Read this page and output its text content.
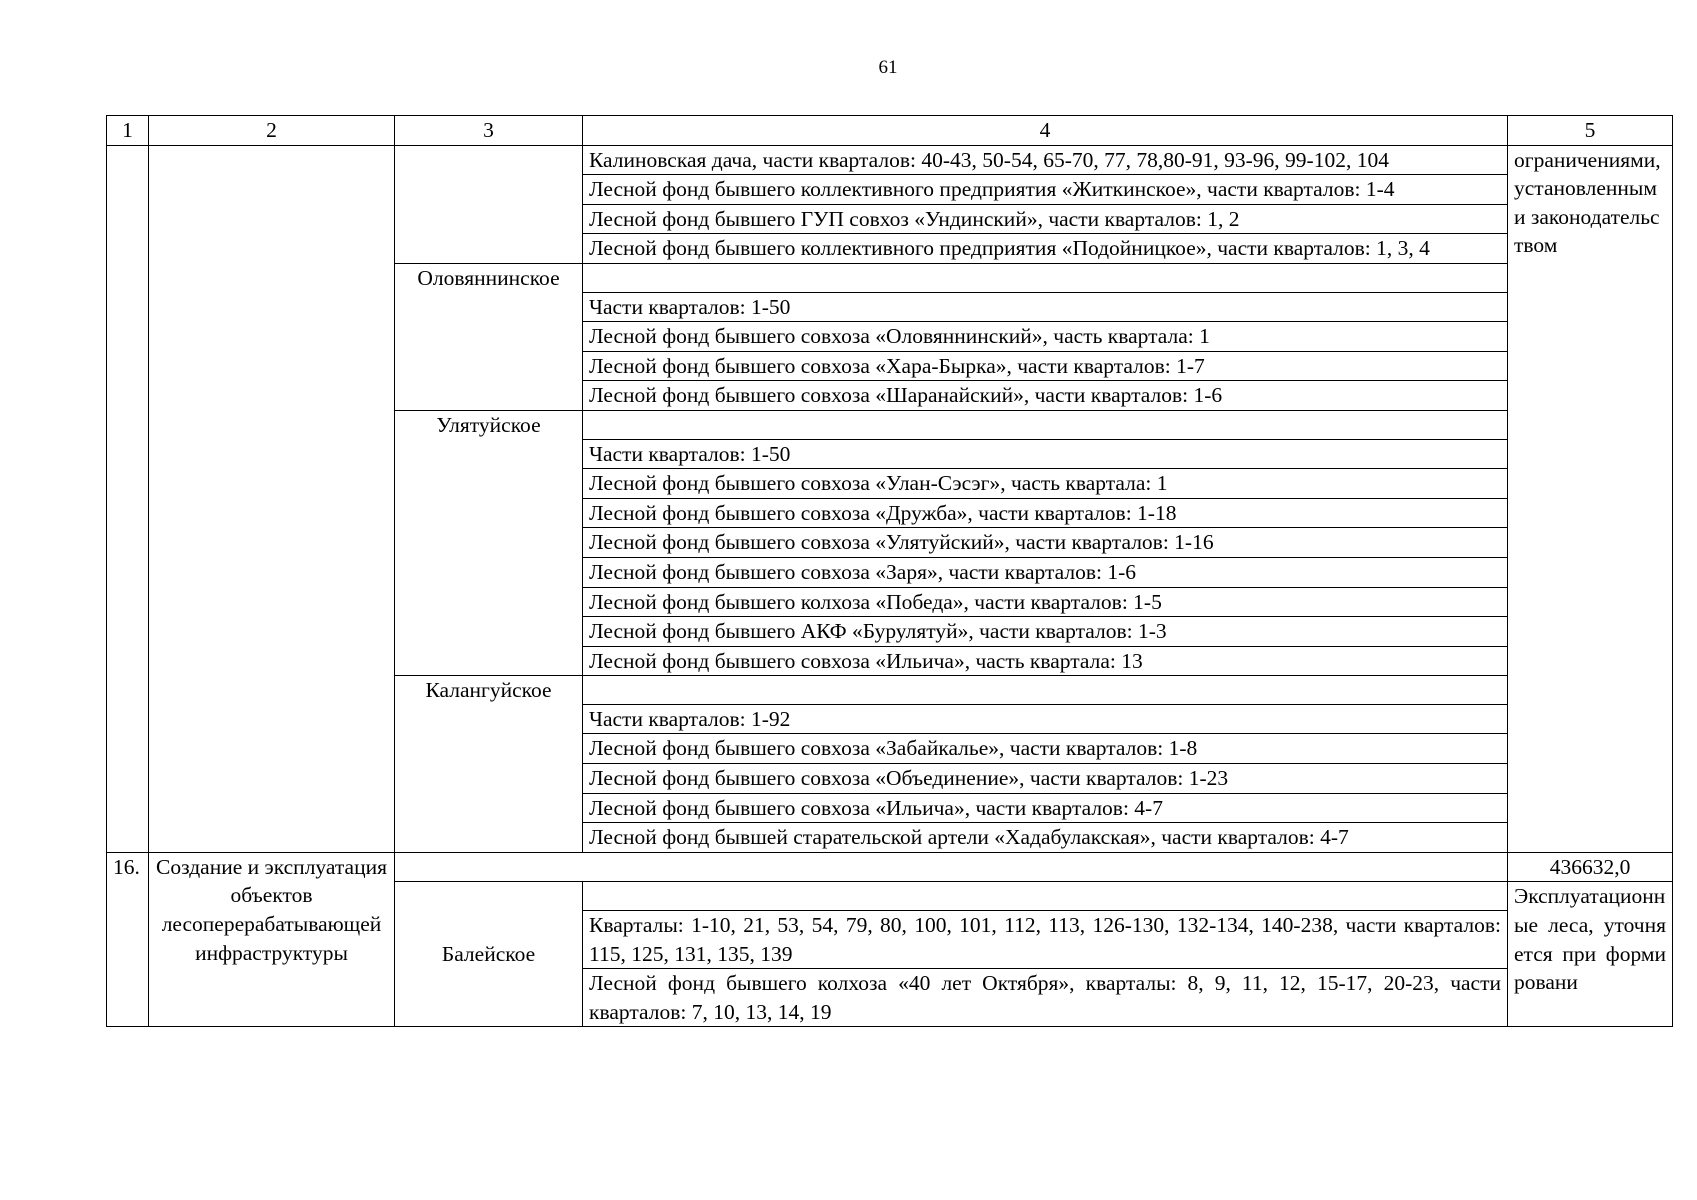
61
1	2	3	4	5
			Калиновская дача, части кварталов: 40-43, 50-54, 65-70, 77, 78,80-91, 93-96, 99-102, 104	ограничениями, установленными законодательством
			Лесной фонд бывшего коллективного предприятия «Житкинское», части кварталов: 1-4	
			Лесной фонд бывшего ГУП совхоз «Ундинский», части кварталов: 1, 2	
			Лесной фонд бывшего коллективного предприятия «Подойницкое», части кварталов: 1, 3, 4	
		Оловяннинское		
			Части кварталов: 1-50	
			Лесной фонд бывшего совхоза «Оловяннинский», часть квартала: 1	
			Лесной фонд бывшего совхоза «Хара-Бырка», части кварталов: 1-7	
			Лесной фонд бывшего совхоза «Шаранайский», части кварталов: 1-6	
		Улятуйское		
			Части кварталов: 1-50	
			Лесной фонд бывшего совхоза «Улан-Сэсэг», часть квартала: 1	
			Лесной фонд бывшего совхоза «Дружба», части кварталов: 1-18	
			Лесной фонд бывшего совхоза «Улятуйский», части кварталов: 1-16	
			Лесной фонд бывшего совхоза «Заря», части кварталов: 1-6	
			Лесной фонд бывшего колхоза «Победа», части кварталов: 1-5	
			Лесной фонд бывшего АКФ «Бурулятуй», части кварталов: 1-3	
			Лесной фонд бывшего совхоза «Ильича», часть квартала: 13	
		Калангуйское		
			Части кварталов: 1-92	
			Лесной фонд бывшего совхоза «Забайкалье», части кварталов: 1-8	
			Лесной фонд бывшего совхоза «Объединение», части кварталов: 1-23	
			Лесной фонд бывшего совхоза «Ильича», части кварталов: 4-7	
			Лесной фонд бывшей старательской артели «Хадабулакская», части кварталов: 4-7	
16.	Создание и эксплуатация объектов лесоперерабатывающей инфраструктуры			436632,0
		Балейское		Эксплуатационные леса, уточняется при формировани
			Кварталы: 1-10, 21, 53, 54, 79, 80, 100, 101, 112, 113, 126-130, 132-134, 140-238, части кварталов: 115, 125, 131, 135, 139	
			Лесной фонд бывшего колхоза «40 лет Октября», кварталы: 8, 9, 11, 12, 15-17, 20-23, части кварталов: 7, 10, 13, 14, 19	
